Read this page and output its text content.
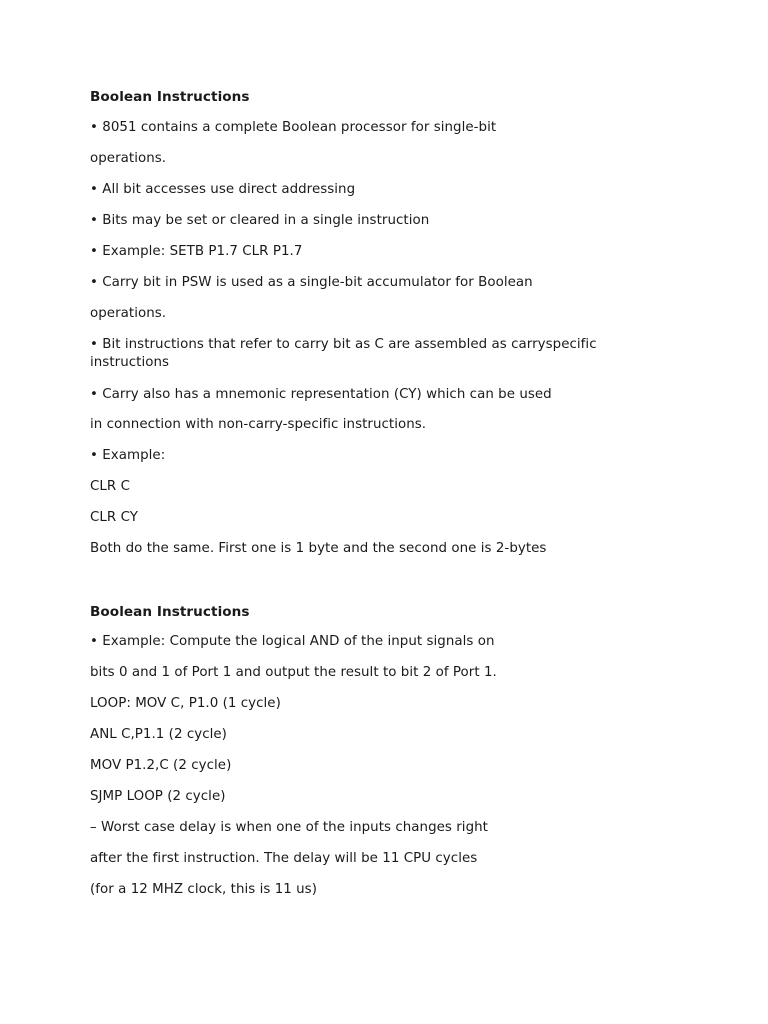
Boolean Instructions
• 8051 contains a complete Boolean processor for single-bit
operations.
• All bit accesses use direct addressing
• Bits may be set or cleared in a single instruction
• Example: SETB P1.7 CLR P1.7
• Carry bit in PSW is used as a single-bit accumulator for Boolean
operations.
• Bit instructions that refer to carry bit as C are assembled as carryspecific instructions
• Carry also has a mnemonic representation (CY) which can be used
in connection with non-carry-specific instructions.
• Example:
CLR C
CLR CY
Both do the same. First one is 1 byte and the second one is 2-bytes
Boolean Instructions
• Example: Compute the logical AND of the input signals on
bits 0 and 1 of Port 1 and output the result to bit 2 of Port 1.
LOOP: MOV C, P1.0 (1 cycle)
ANL C,P1.1 (2 cycle)
MOV P1.2,C (2 cycle)
SJMP LOOP (2 cycle)
– Worst case delay is when one of the inputs changes right
after the first instruction. The delay will be 11 CPU cycles
(for a 12 MHZ clock, this is 11 us)
